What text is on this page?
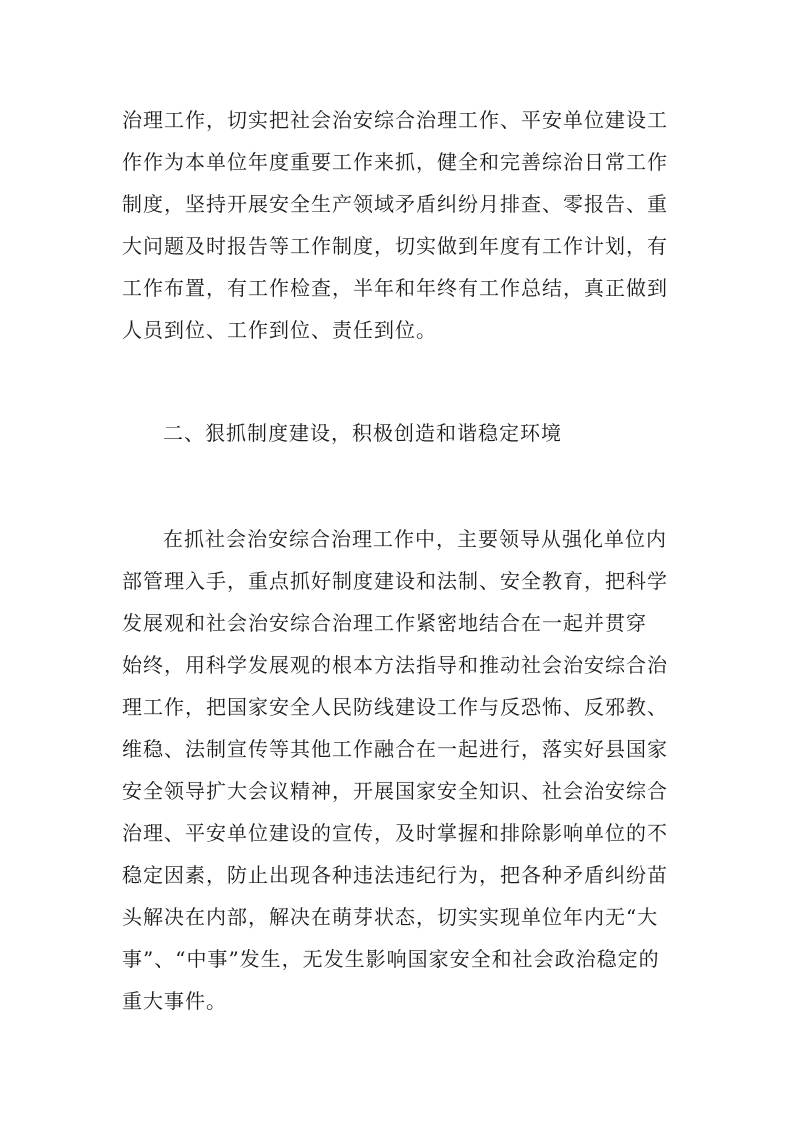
治理工作，切实把社会治安综合治理工作、平安单位建设工
作作为本单位年度重要工作来抓，健全和完善综治日常工作
制度，坚持开展安全生产领域矛盾纠纷月排查、零报告、重
大问题及时报告等工作制度，切实做到年度有工作计划，有
工作布置，有工作检查，半年和年终有工作总结，真正做到
人员到位、工作到位、责任到位。
二、狠抓制度建设，积极创造和谐稳定环境
在抓社会治安综合治理工作中，主要领导从强化单位内
部管理入手，重点抓好制度建设和法制、安全教育，把科学
发展观和社会治安综合治理工作紧密地结合在一起并贯穿
始终，用科学发展观的根本方法指导和推动社会治安综合治
理工作，把国家安全人民防线建设工作与反恐怖、反邪教、
维稳、法制宣传等其他工作融合在一起进行，落实好县国家
安全领导扩大会议精神，开展国家安全知识、社会治安综合
治理、平安单位建设的宣传，及时掌握和排除影响单位的不
稳定因素，防止出现各种违法违纪行为，把各种矛盾纠纷苗
头解决在内部，解决在萌芽状态，切实实现单位年内无“大
事”、“中事”发生，无发生影响国家安全和社会政治稳定的
重大事件。
